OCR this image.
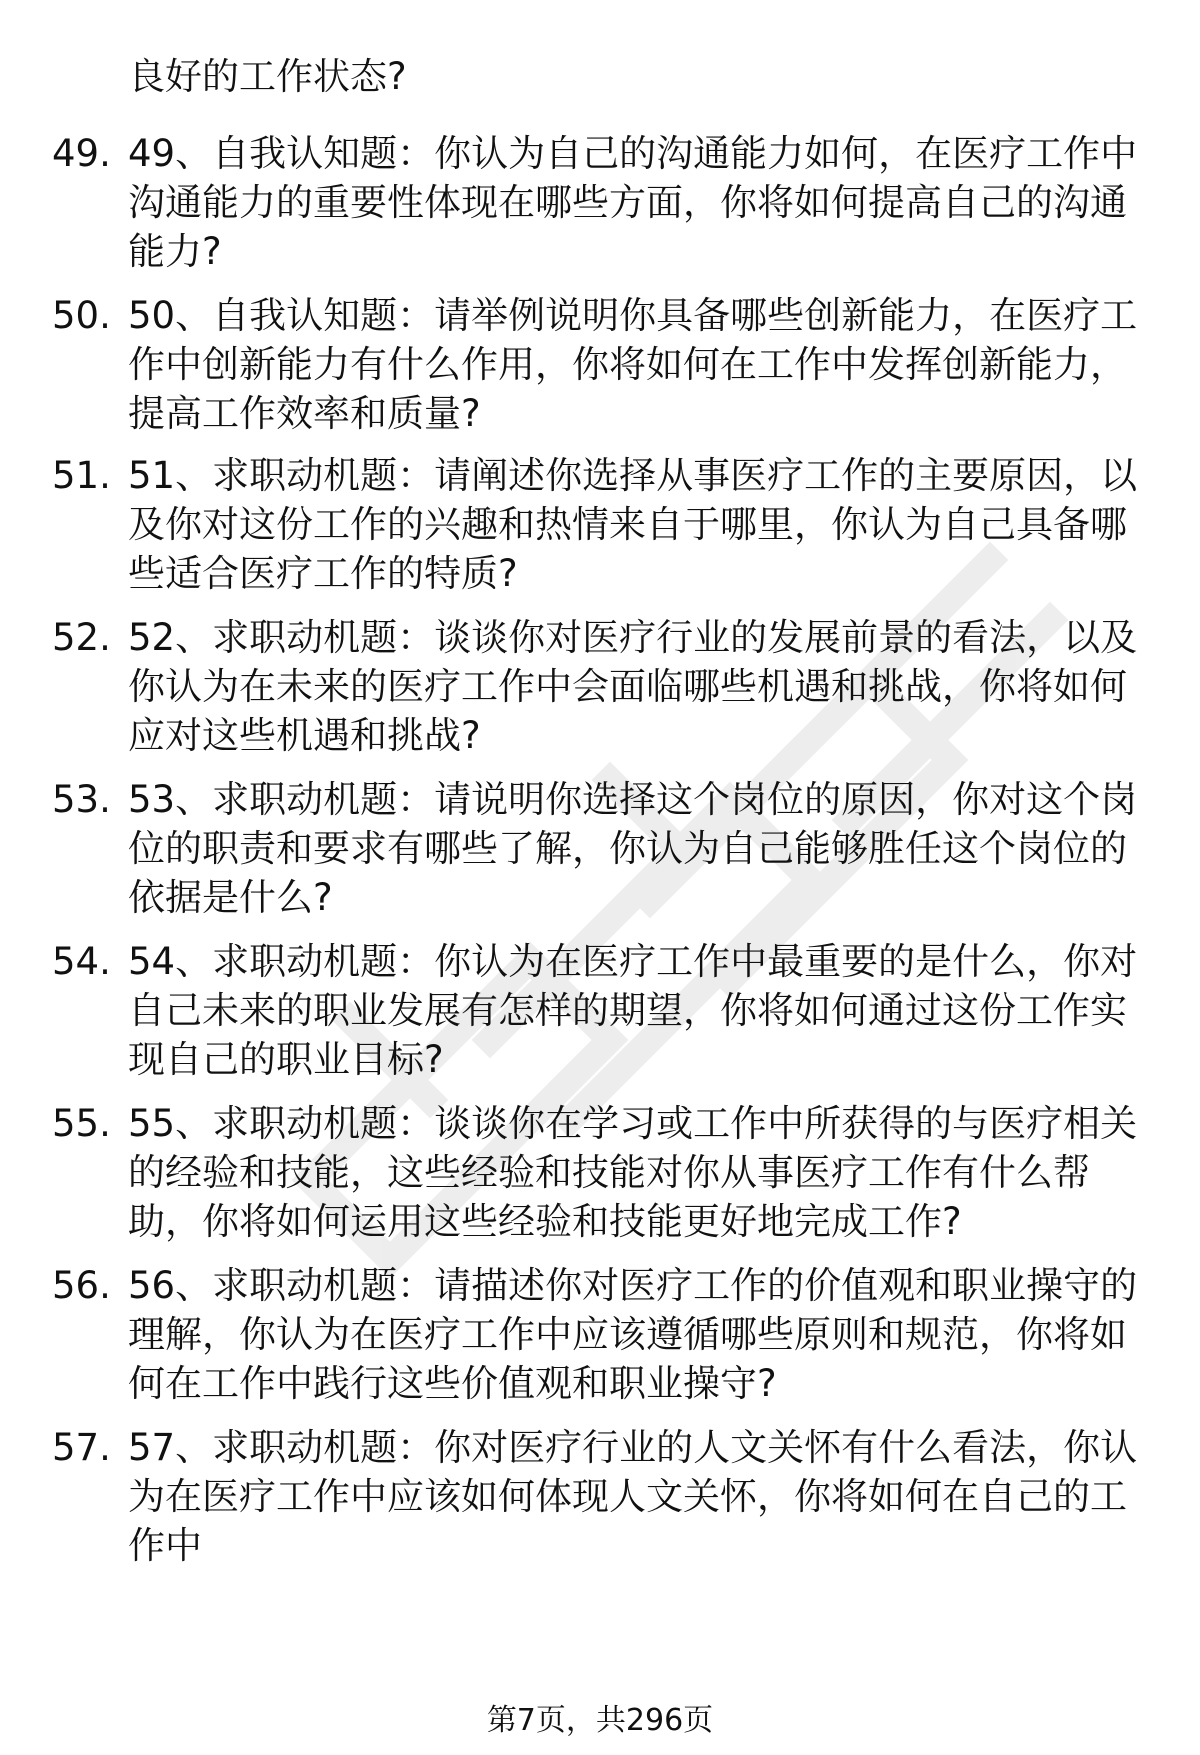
良好的工作状态?
49. 49、自我认知题：你认为自己的沟通能力如何，在医疗工作中沟通能力的重要性体现在哪些方面，你将如何提高自己的沟通能力?
50. 50、自我认知题：请举例说明你具备哪些创新能力，在医疗工作中创新能力有什么作用，你将如何在工作中发挥创新能力，提高工作效率和质量?
51. 51、求职动机题：请阐述你选择从事医疗工作的主要原因，以及你对这份工作的兴趣和热情来自于哪里，你认为自己具备哪些适合医疗工作的特质?
52. 52、求职动机题：谈谈你对医疗行业的发展前景的看法，以及你认为在未来的医疗工作中会面临哪些机遇和挑战，你将如何应对这些机遇和挑战?
53. 53、求职动机题：请说明你选择这个岗位的原因，你对这个岗位的职责和要求有哪些了解，你认为自己能够胜任这个岗位的依据是什么?
54. 54、求职动机题：你认为在医疗工作中最重要的是什么，你对自己未来的职业发展有怎样的期望，你将如何通过这份工作实现自己的职业目标?
55. 55、求职动机题：谈谈你在学习或工作中所获得的与医疗相关的经验和技能，这些经验和技能对你从事医疗工作有什么帮助，你将如何运用这些经验和技能更好地完成工作?
56. 56、求职动机题：请描述你对医疗工作的价值观和职业操守的理解，你认为在医疗工作中应该遵循哪些原则和规范，你将如何在工作中践行这些价值观和职业操守?
57. 57、求职动机题：你对医疗行业的人文关怀有什么看法，你认为在医疗工作中应该如何体现人文关怀，你将如何在自己的工作中
第7页，共296页
